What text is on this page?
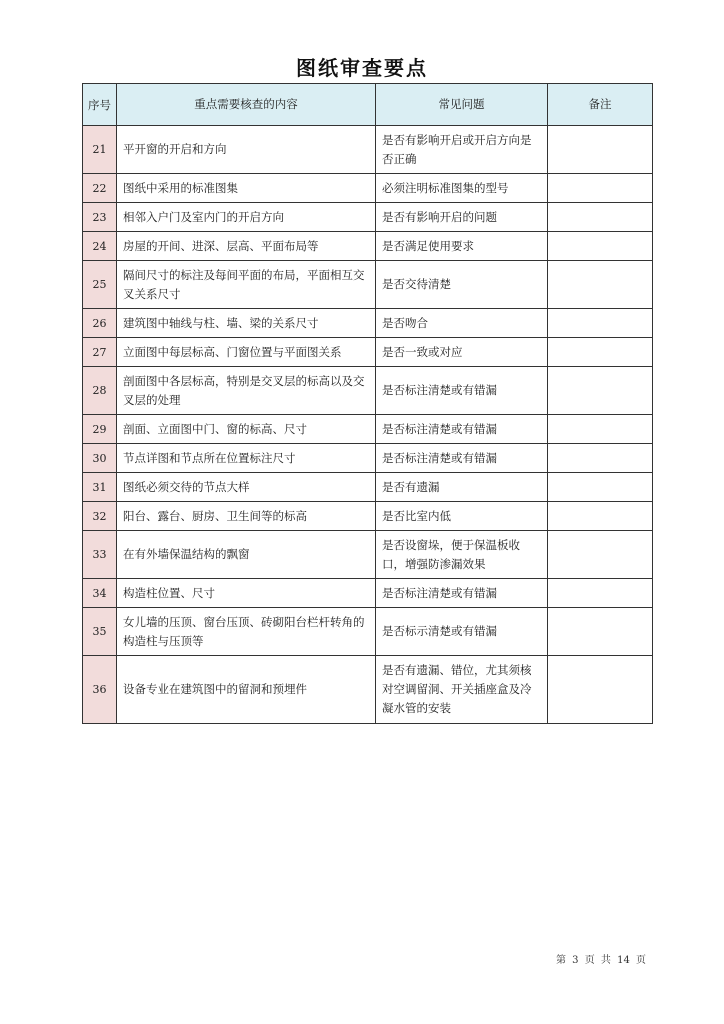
图纸审查要点
序号	重点需要核查的内容	常见问题	备注
21	平开窗的开启和方向	是否有影响开启或开启方向是否正确	
22	图纸中采用的标准图集	必须注明标准图集的型号	
23	相邻入户门及室内门的开启方向	是否有影响开启的问题	
24	房屋的开间、进深、层高、平面布局等	是否满足使用要求	
25	隔间尺寸的标注及每间平面的布局，平面相互交叉关系尺寸	是否交待清楚	
26	建筑图中轴线与柱、墙、梁的关系尺寸	是否吻合	
27	立面图中每层标高、门窗位置与平面图关系	是否一致或对应	
28	剖面图中各层标高，特别是交叉层的标高以及交叉层的处理	是否标注清楚或有错漏	
29	剖面、立面图中门、窗的标高、尺寸	是否标注清楚或有错漏	
30	节点详图和节点所在位置标注尺寸	是否标注清楚或有错漏	
31	图纸必须交待的节点大样	是否有遗漏	
32	阳台、露台、厨房、卫生间等的标高	是否比室内低	
33	在有外墙保温结构的飘窗	是否设窗垛，便于保温板收口，增强防渗漏效果	
34	构造柱位置、尺寸	是否标注清楚或有错漏	
35	女儿墙的压顶、窗台压顶、砖砌阳台栏杆转角的构造柱与压顶等	是否标示清楚或有错漏	
36	设备专业在建筑图中的留洞和预埋件	是否有遗漏、错位，尤其须核对空调留洞、开关插座盒及冷凝水管的安装	
第 3 页 共 14 页
